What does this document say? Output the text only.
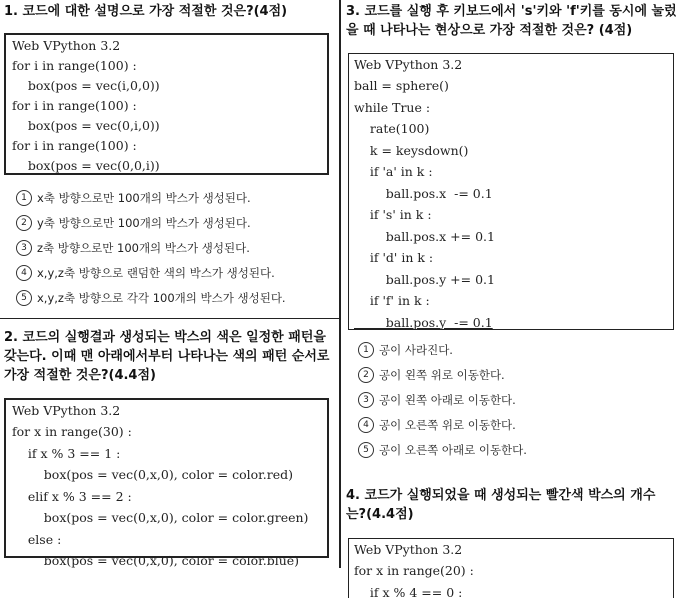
1. 코드에 대한 설명으로 가장 적절한 것은?(4점)

Web VPython 3.2
for i in range(100) :
box(pos = vec(i,0,0))
for i in range(100) :
box(pos = vec(0,i,0))
for i in range(100) :
box(pos = vec(0,0,i))
1 x축 방향으로만 100개의 박스가 생성된다.
2 y축 방향으로만 100개의 박스가 생성된다.
3 z축 방향으로만 100개의 박스가 생성된다.
4 x,y,z축 방향으로 랜덤한 색의 박스가 생성된다.
5 x,y,z축 방향으로 각각 100개의 박스가 생성된다.

2. 코드의 실행결과 생성되는 박스의 색은 일정한 패턴을

갖는다. 이때 맨 아래에서부터 나타나는 색의 패턴 순서로

가장 적절한 것은?(4.4점)

Web VPython 3.2
for x in range(30) :
if x % 3 == 1 :
box(pos = vec(0,x,0), color = color.red)
elif x % 3 == 2 :
box(pos = vec(0,x,0), color = color.green)
else :
box(pos = vec(0,x,0), color = color.blue)

3. 코드를 실행 후 키보드에서 's'키와 'f'키를 동시에 눌렀

을 때 나타나는 현상으로 가장 적절한 것은? (4점)

Web VPython 3.2
ball = sphere()
while True :
rate(100)
k = keysdown()
if 'a' in k :
ball.pos.x  -= 0.1
if 's' in k :
ball.pos.x += 0.1
if 'd' in k :
ball.pos.y += 0.1
if 'f' in k :
ball.pos.y  -= 0.1
1 공이 사라진다.
2 공이 왼쪽 위로 이동한다.
3 공이 왼쪽 아래로 이동한다.
4 공이 오른쪽 위로 이동한다.
5 공이 오른쪽 아래로 이동한다.

4. 코드가 실행되었을 때 생성되는 빨간색 박스의 개수

는?(4.4점)

Web VPython 3.2
for x in range(20) :
if x % 4 == 0 :
